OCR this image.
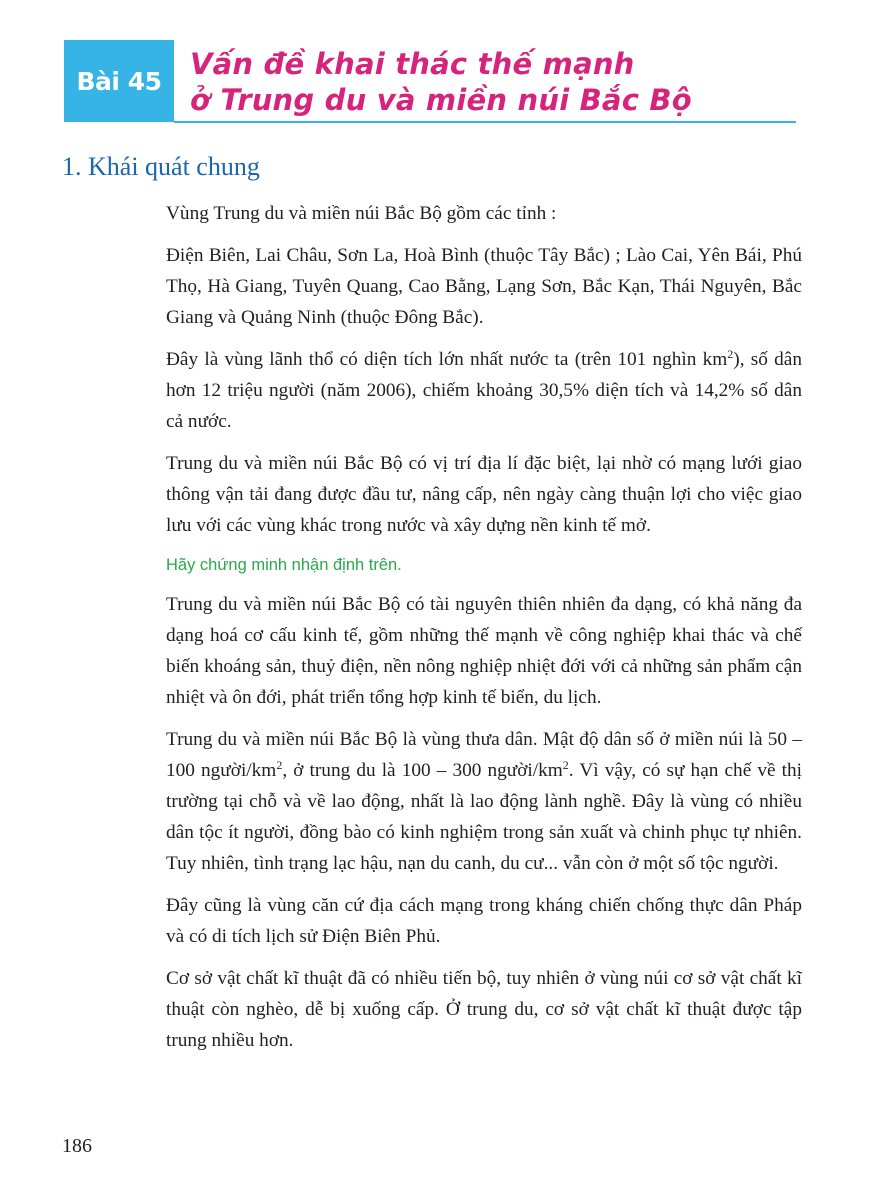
Bài 45 Vấn đề khai thác thế mạnh
ở Trung du và miền núi Bắc Bộ
1. Khái quát chung

Vùng Trung du và miền núi Bắc Bộ gồm các tỉnh :

Điện Biên, Lai Châu, Sơn La, Hoà Bình (thuộc Tây Bắc) ; Lào Cai, Yên Bái, Phú Thọ, Hà Giang, Tuyên Quang, Cao Bằng, Lạng Sơn, Bắc Kạn, Thái Nguyên, Bắc Giang và Quảng Ninh (thuộc Đông Bắc).

Đây là vùng lãnh thổ có diện tích lớn nhất nước ta (trên 101 nghìn $km^2$), số dân hơn 12 triệu người (năm 2006), chiếm khoảng 30,5% diện tích và 14,2% số dân cả nước.

Trung du và miền núi Bắc Bộ có vị trí địa lí đặc biệt, lại nhờ có mạng lưới giao thông vận tải đang được đầu tư, nâng cấp, nên ngày càng thuận lợi cho việc giao lưu với các vùng khác trong nước và xây dựng nền kinh tế mở.

Hãy chứng minh nhận định trên.

Trung du và miền núi Bắc Bộ có tài nguyên thiên nhiên đa dạng, có khả năng đa dạng hoá cơ cấu kinh tế, gồm những thế mạnh về công nghiệp khai thác và chế biến khoáng sản, thuỷ điện, nền nông nghiệp nhiệt đới với cả những sản phẩm cận nhiệt và ôn đới, phát triển tổng hợp kinh tế biển, du lịch.

Trung du và miền núi Bắc Bộ là vùng thưa dân. Mật độ dân số ở miền núi là 50 – 100 người/$km^2$, ở trung du là 100 – 300 người/$km^2$. Vì vậy, có sự hạn chế về thị trường tại chỗ và về lao động, nhất là lao động lành nghề. Đây là vùng có nhiều dân tộc ít người, đồng bào có kinh nghiệm trong sản xuất và chinh phục tự nhiên. Tuy nhiên, tình trạng lạc hậu, nạn du canh, du cư... vẫn còn ở một số tộc người.

Đây cũng là vùng căn cứ địa cách mạng trong kháng chiến chống thực dân Pháp và có di tích lịch sử Điện Biên Phủ.

Cơ sở vật chất kĩ thuật đã có nhiều tiến bộ, tuy nhiên ở vùng núi cơ sở vật chất kĩ thuật còn nghèo, dễ bị xuống cấp. Ở trung du, cơ sở vật chất kĩ thuật được tập trung nhiều hơn.

186
